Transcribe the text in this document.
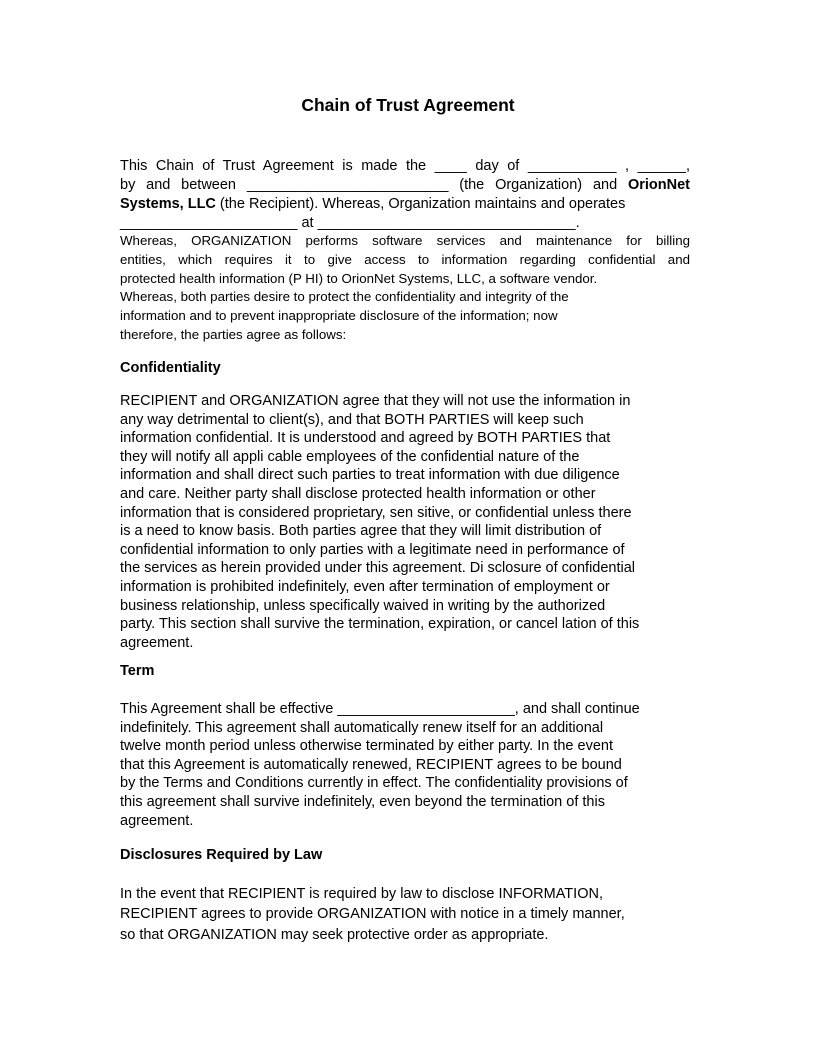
Chain of Trust Agreement
This Chain of Trust Agreement is made the ____ day of ___________ , ______,
by and between _________________________ (the Organization) and OrionNet
Systems, LLC (the Recipient). Whereas, Organization maintains and operates
______________________ at ________________________________.
Whereas, ORGANIZATION performs software services and maintenance for billing
entities, which requires it to give access to information regarding confidential and
protected health information (P HI) to OrionNet Systems, LLC, a software vendor.
Whereas, both parties desire to protect the confidentiality and integrity of the
information and to prevent inappropriate disclosure of the information; now
therefore, the parties agree as follows:
Confidentiality
RECIPIENT and ORGANIZATION agree that they will not use the information in
any way detrimental to client(s), and that BOTH PARTIES will keep such
information confidential. It is understood and agreed by BOTH PARTIES that
they will notify all appli cable employees of the confidential nature of the
information and shall direct such parties to treat information with due diligence
and care. Neither party shall disclose protected health information or other
information that is considered proprietary, sen sitive, or confidential unless there
is a need to know basis. Both parties agree that they will limit distribution of
confidential information to only parties with a legitimate need in performance of
the services as herein provided under this agreement. Di sclosure of confidential
information is prohibited indefinitely, even after termination of employment or
business relationship, unless specifically waived in writing by the authorized
party. This section shall survive the termination, expiration, or cancel lation of this
agreement.
Term
This Agreement shall be effective ______________________, and shall continue
indefinitely. This agreement shall automatically renew itself for an additional
twelve month period unless otherwise terminated by either party. In the event
that this Agreement is automatically renewed, RECIPIENT agrees to be bound
by the Terms and Conditions currently in effect. The confidentiality provisions of
this agreement shall survive indefinitely, even beyond the termination of this
agreement.
Disclosures Required by Law
In the event that RECIPIENT is required by law to disclose INFORMATION,
RECIPIENT agrees to provide ORGANIZATION with notice in a timely manner,
so that ORGANIZATION may seek protective order as appropriate.
